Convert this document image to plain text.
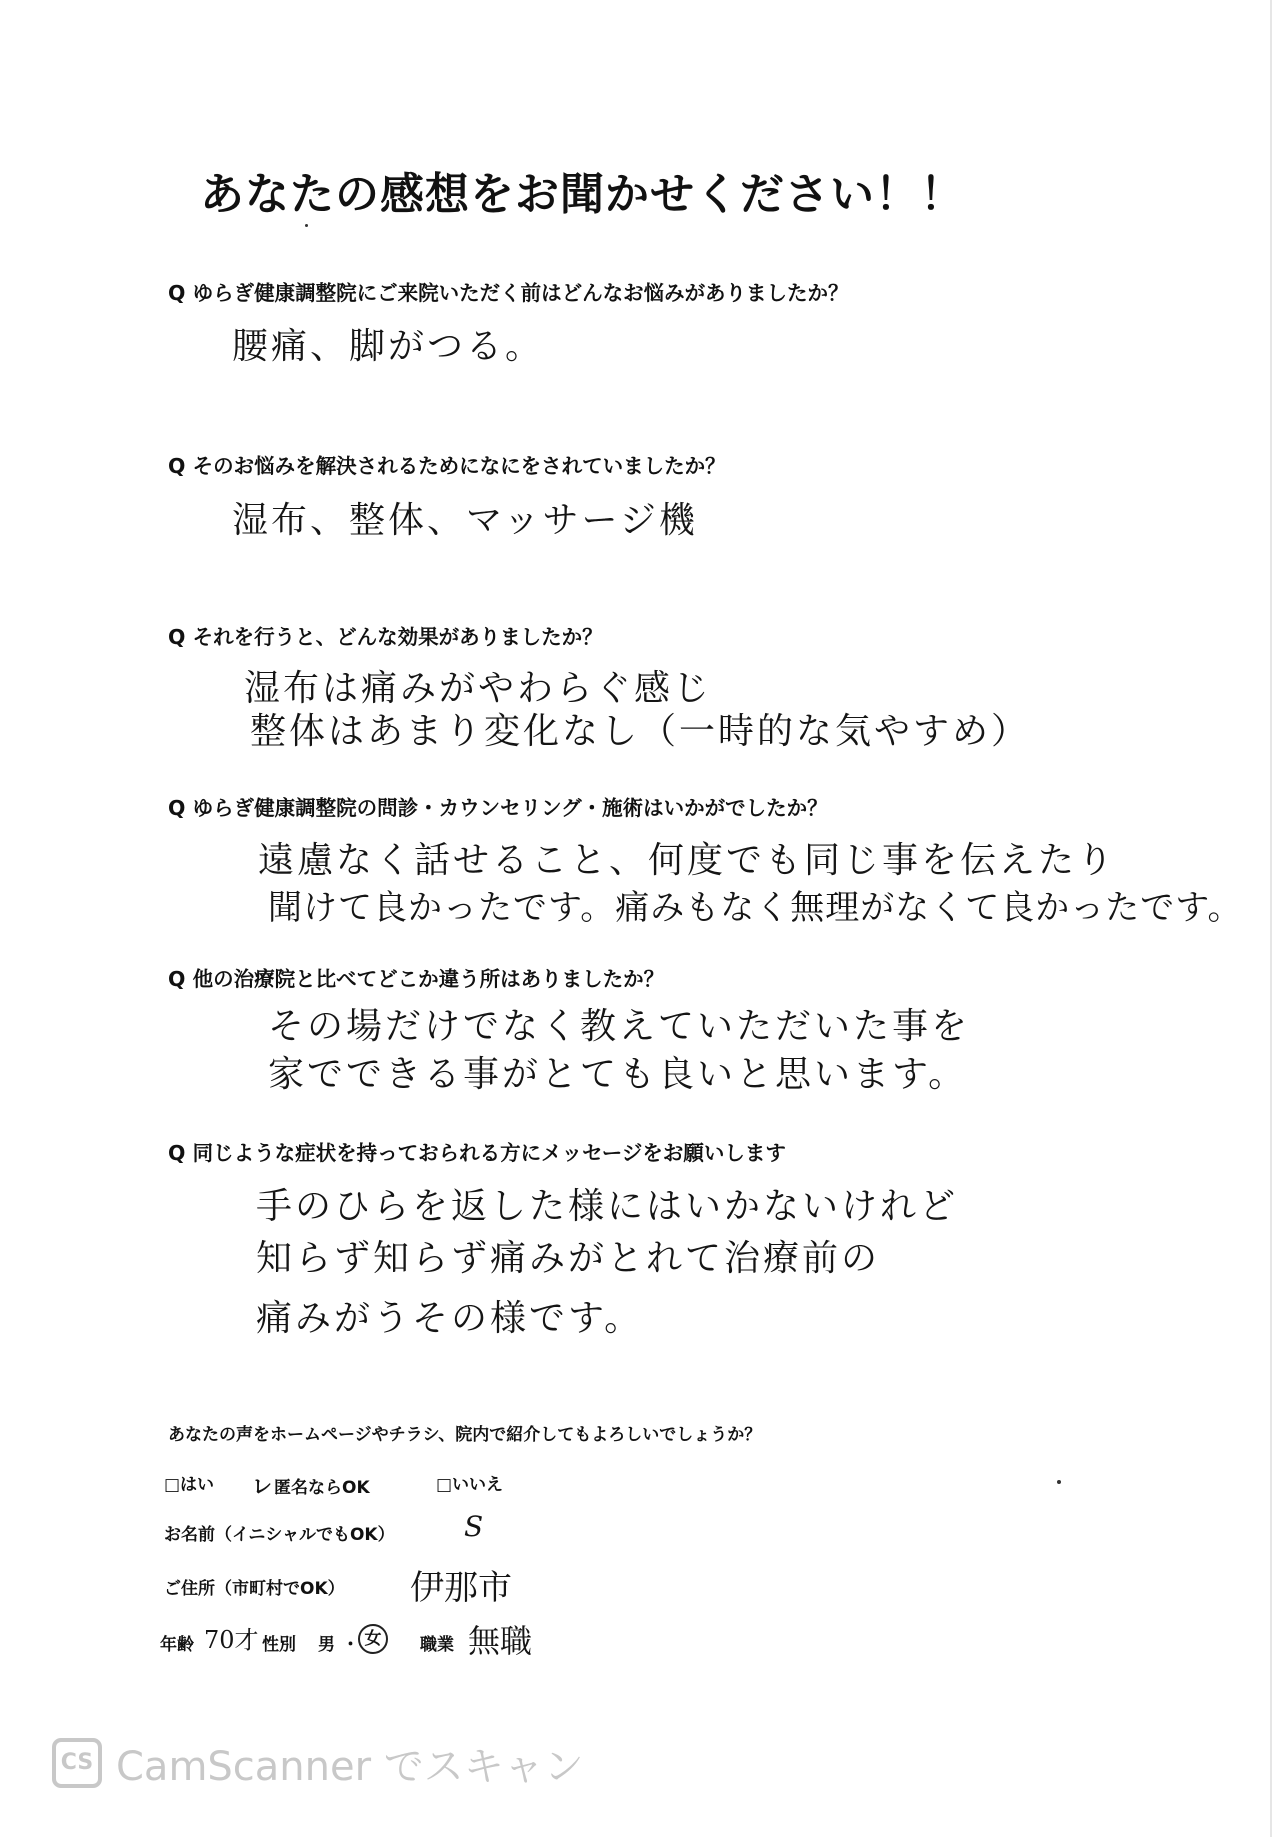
あなたの感想をお聞かせください！！
Q ゆらぎ健康調整院にご来院いただく前はどんなお悩みがありましたか？
腰痛、脚がつる。
Q そのお悩みを解決されるためになにをされていましたか？
湿布、整体、マッサージ機
Q それを行うと、どんな効果がありましたか？
湿布は痛みがやわらぐ感じ
整体はあまり変化なし（一時的な気やすめ）
Q ゆらぎ健康調整院の問診・カウンセリング・施術はいかがでしたか？
遠慮なく話せること、何度でも同じ事を伝えたり
聞けて良かったです。痛みもなく無理がなくて良かったです。
Q 他の治療院と比べてどこか違う所はありましたか？
その場だけでなく教えていただいた事を
家でできる事がとても良いと思います。
Q 同じような症状を持っておられる方にメッセージをお願いします
手のひらを返した様にはいかないけれど
知らず知らず痛みがとれて治療前の
痛みがうその様です。
あなたの声をホームページやチラシ、院内で紹介してもよろしいでしょうか？
□はい レ 匿名ならOK	□いいえ
お名前（イニシャルでもOK） S
ご住所（市町村でOK） 伊那市
年齢 70才 性別 男 ・ 女	職業 無職
CS CamScanner でスキャン
